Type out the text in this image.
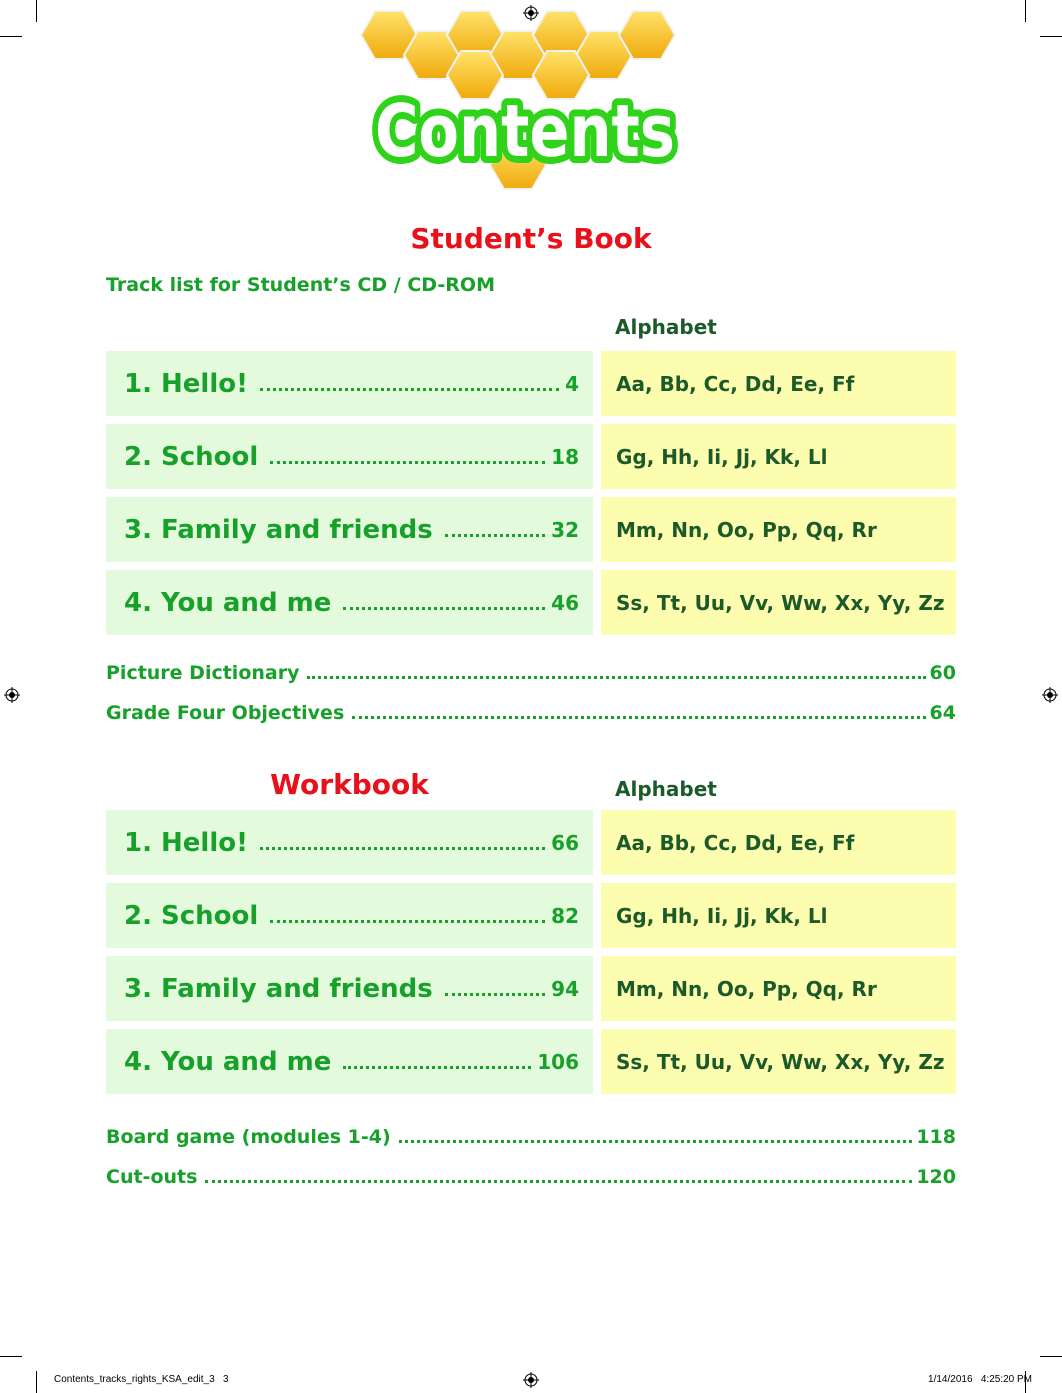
Contents
Student’s Book
Track list for Student’s CD / CD-ROM
Alphabet
1. Hello!	4 Aa, Bb, Cc, Dd, Ee, Ff
2. School	18 Gg, Hh, Ii, Jj, Kk, Ll
3. Family and friends	32 Mm, Nn, Oo, Pp, Qq, Rr
4. You and me	46 Ss, Tt, Uu, Vv, Ww, Xx, Yy, Zz
Picture Dictionary	60
Grade Four Objectives	64
Workbook	Alphabet
1. Hello!	66 Aa, Bb, Cc, Dd, Ee, Ff
2. School	82 Gg, Hh, Ii, Jj, Kk, Ll
3. Family and friends	94 Mm, Nn, Oo, Pp, Qq, Rr
4. You and me	106 Ss, Tt, Uu, Vv, Ww, Xx, Yy, Zz
Board game (modules 1-4)	118
Cut-outs	120
Contents_tracks_rights_KSA_edit_3   3	1/14/2016   4:25:20 PM
